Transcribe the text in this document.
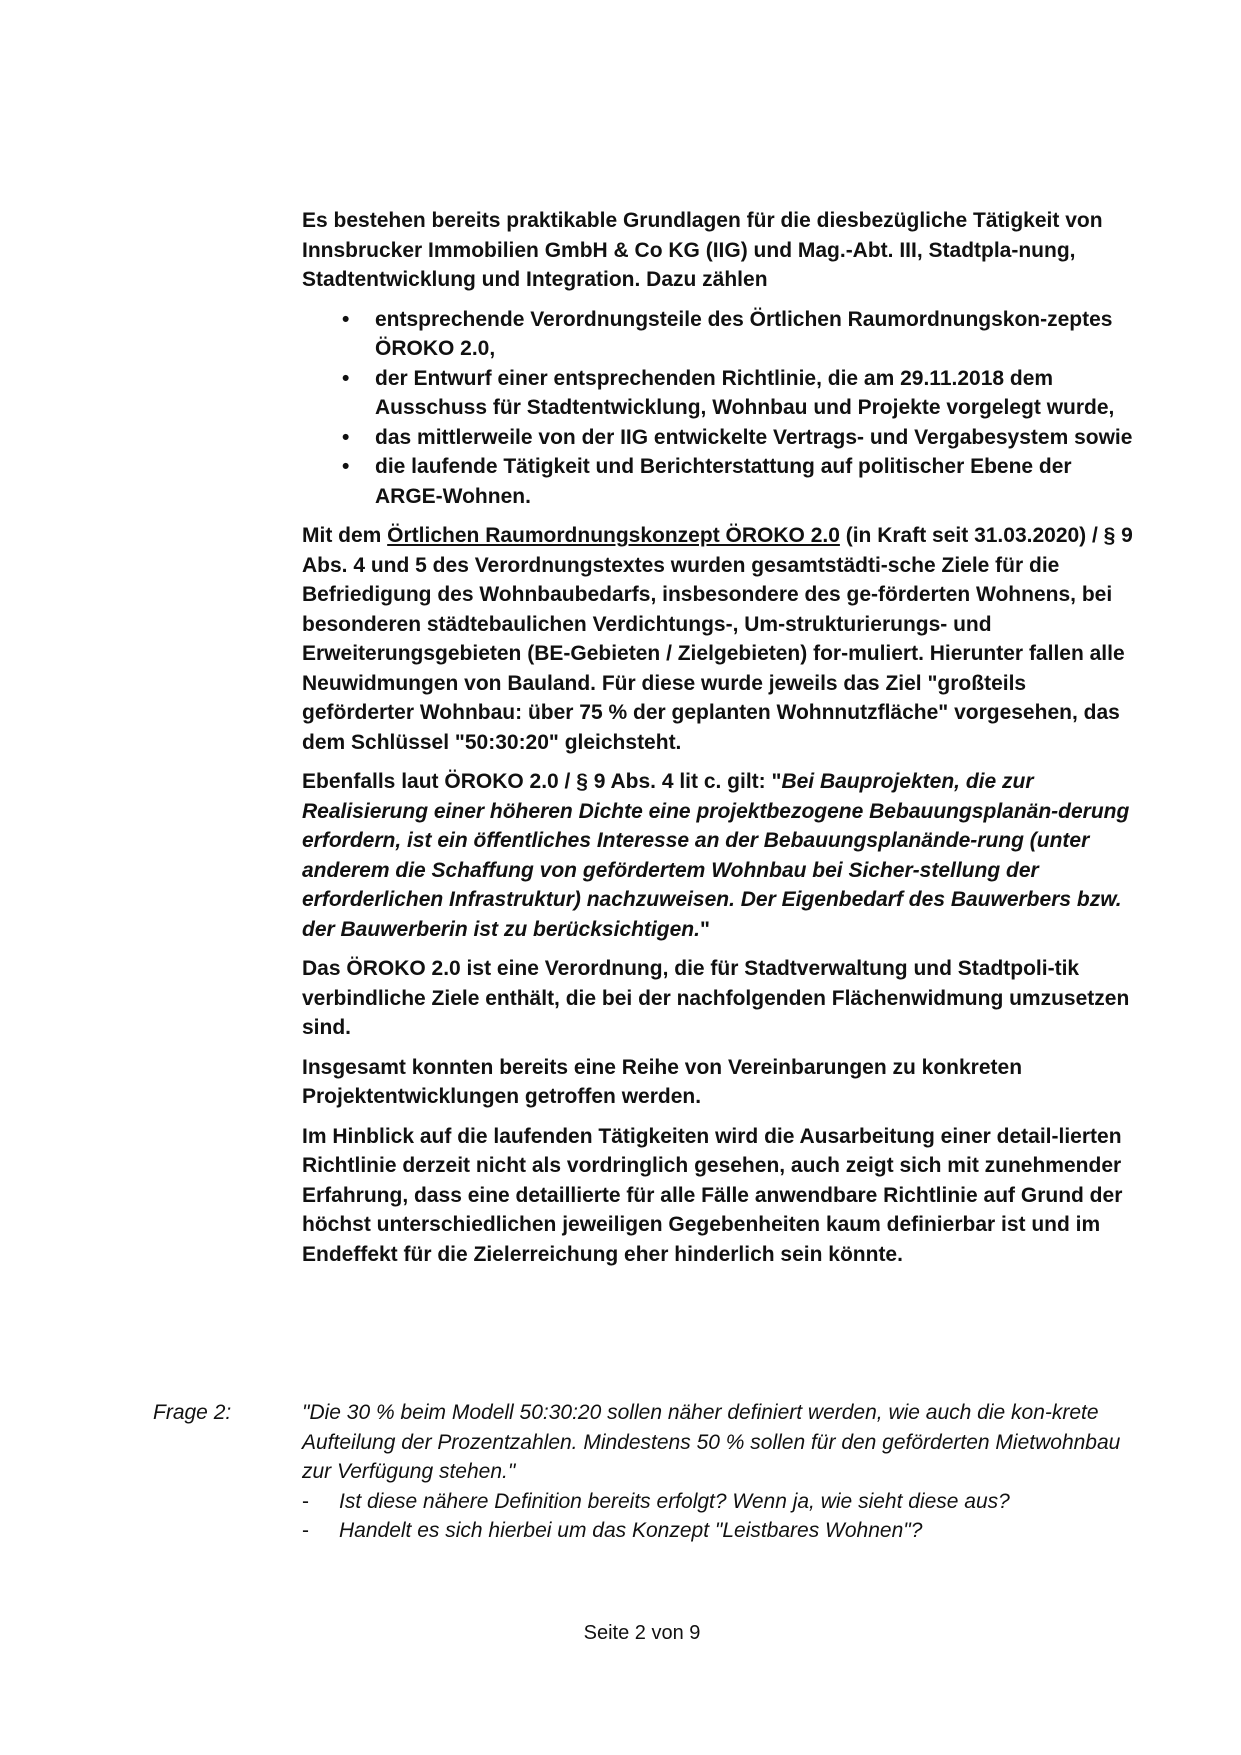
Es bestehen bereits praktikable Grundlagen für die diesbezügliche Tätigkeit von Innsbrucker Immobilien GmbH & Co KG (IIG) und Mag.-Abt. III, Stadtpla-nung, Stadtentwicklung und Integration. Dazu zählen

• entsprechende Verordnungsteile des Örtlichen Raumordnungskon-zeptes ÖROKO 2.0,
• der Entwurf einer entsprechenden Richtlinie, die am 29.11.2018 dem Ausschuss für Stadtentwicklung, Wohnbau und Projekte vorgelegt wurde,
• das mittlerweile von der IIG entwickelte Vertrags- und Vergabesystem sowie
• die laufende Tätigkeit und Berichterstattung auf politischer Ebene der ARGE-Wohnen.

Mit dem Örtlichen Raumordnungskonzept ÖROKO 2.0 (in Kraft seit 31.03.2020) / § 9 Abs. 4 und 5 des Verordnungstextes wurden gesamtstädti-sche Ziele für die Befriedigung des Wohnbaubedarfs, insbesondere des ge-förderten Wohnens, bei besonderen städtebaulichen Verdichtungs-, Um-strukturierungs- und Erweiterungsgebieten (BE-Gebieten / Zielgebieten) for-muliert. Hierunter fallen alle Neuwidmungen von Bauland. Für diese wurde jeweils das Ziel "großteils geförderter Wohnbau: über 75 % der geplanten Wohnnutzfläche" vorgesehen, das dem Schlüssel "50:30:20" gleichsteht.

Ebenfalls laut ÖROKO 2.0 / § 9 Abs. 4 lit c. gilt: "Bei Bauprojekten, die zur Realisierung einer höheren Dichte eine projektbezogene Bebauungsplanän-derung erfordern, ist ein öffentliches Interesse an der Bebauungsplanände-rung (unter anderem die Schaffung von gefördertem Wohnbau bei Sicher-stellung der erforderlichen Infrastruktur) nachzuweisen. Der Eigenbedarf des Bauwerbers bzw. der Bauwerberin ist zu berücksichtigen."

Das ÖROKO 2.0 ist eine Verordnung, die für Stadtverwaltung und Stadtpoli-tik verbindliche Ziele enthält, die bei der nachfolgenden Flächenwidmung umzusetzen sind.

Insgesamt konnten bereits eine Reihe von Vereinbarungen zu konkreten Projektentwicklungen getroffen werden.

Im Hinblick auf die laufenden Tätigkeiten wird die Ausarbeitung einer detail-lierten Richtlinie derzeit nicht als vordringlich gesehen, auch zeigt sich mit zunehmender Erfahrung, dass eine detaillierte für alle Fälle anwendbare Richtlinie auf Grund der höchst unterschiedlichen jeweiligen Gegebenheiten kaum definierbar ist und im Endeffekt für die Zielerreichung eher hinderlich sein könnte.

Frage 2:	"Die 30 % beim Modell 50:30:20 sollen näher definiert werden, wie auch die kon-krete Aufteilung der Prozentzahlen. Mindestens 50 % sollen für den geförderten Mietwohnbau zur Verfügung stehen."

- Ist diese nähere Definition bereits erfolgt? Wenn ja, wie sieht diese aus?
- Handelt es sich hierbei um das Konzept "Leistbares Wohnen"?
Seite 2 von 9
